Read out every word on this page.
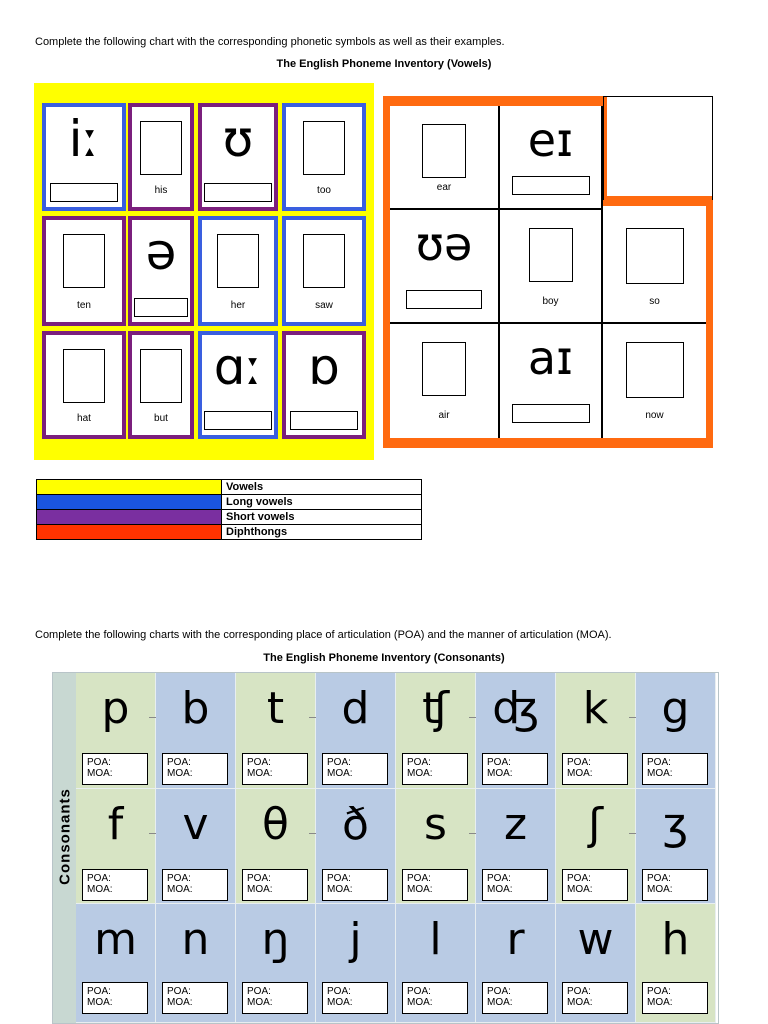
Complete the following chart with the corresponding phonetic symbols as well as their examples.
The English Phoneme Inventory (Vowels)
iː
his
ʊ
too
ten
ə
her	saw
hat	but
ɑː ɒ
ear
eɪ
ʊə
boy	so
air
aɪ
now
	Vowels
	Long vowels
	Short vowels
	Diphthongs
Complete the following charts with the corresponding place of articulation (POA) and the manner of articulation (MOA).
The English Phoneme Inventory (Consonants)
Consonants
p
POA:
MOA:
b
POA:
MOA:
t
POA:
MOA:
d
POA:
MOA:
ʧ
POA:
MOA:
ʤ
POA:
MOA:
k
POA:
MOA:
g
POA:
MOA:
f
POA:
MOA:
v
POA:
MOA:
θ
POA:
MOA:
ð
POA:
MOA:
s
POA:
MOA:
z
POA:
MOA:
ʃ
POA:
MOA:
ʒ
POA:
MOA:
m
POA:
MOA:
n
POA:
MOA:
ŋ
POA:
MOA:
j
POA:
MOA:
l
POA:
MOA:
r
POA:
MOA:
w
POA:
MOA:
h
POA:
MOA:
